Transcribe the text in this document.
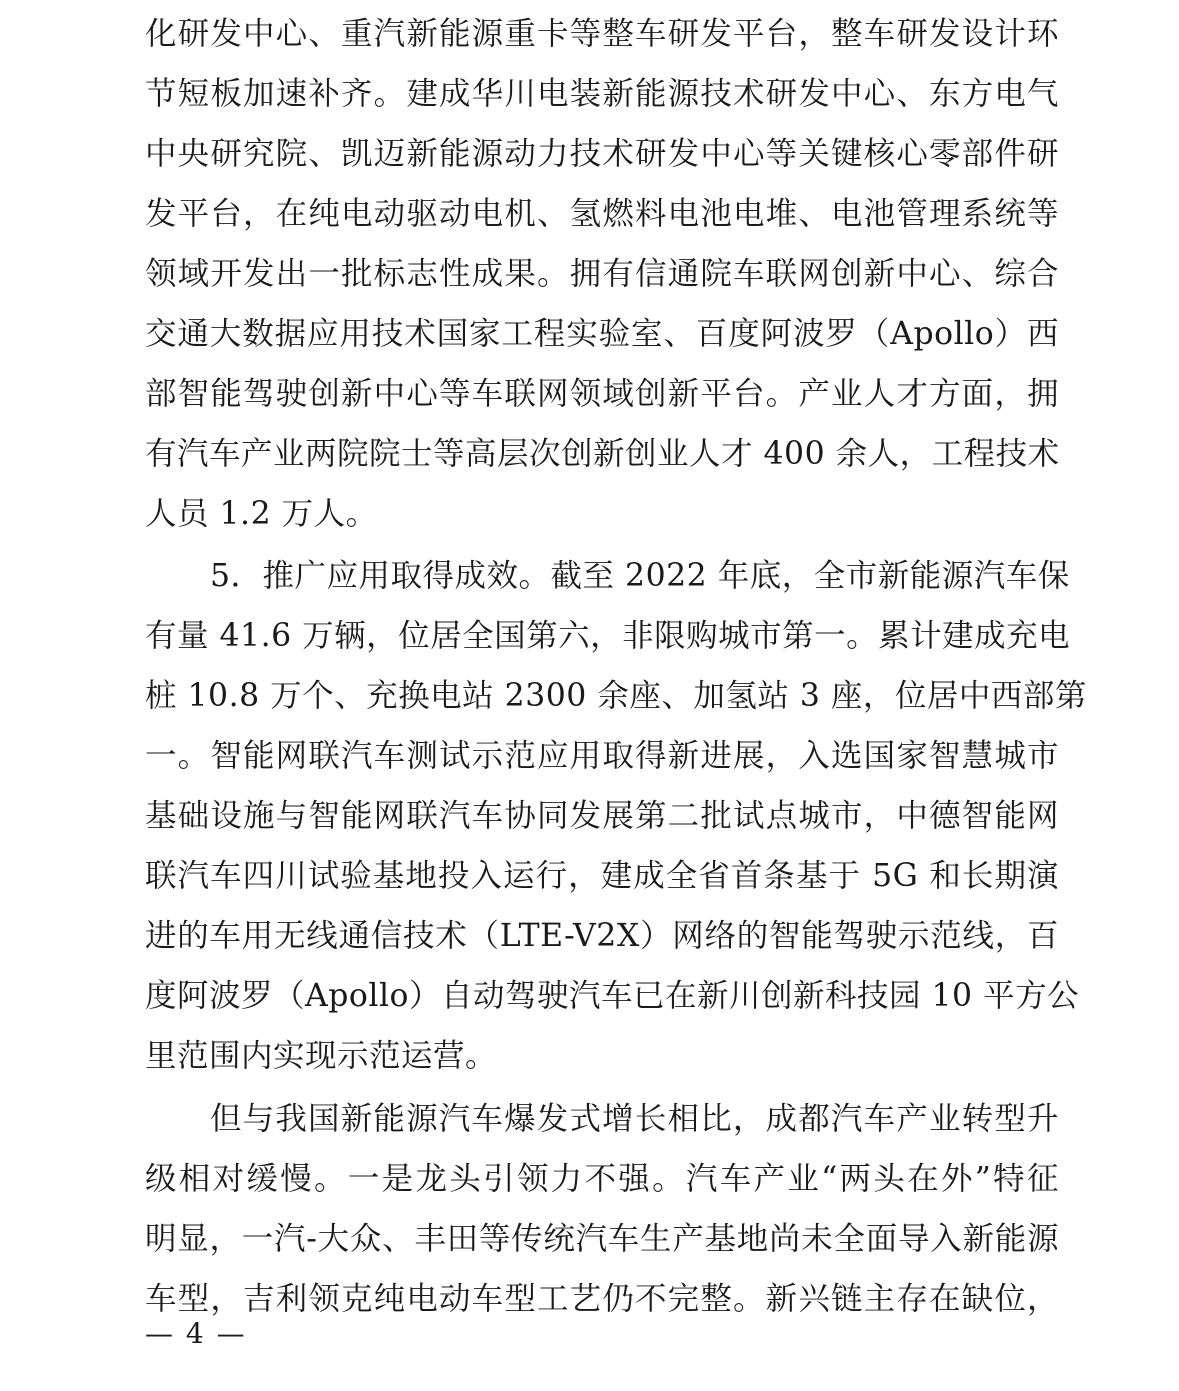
化研发中心、重汽新能源重卡等整车研发平台，整车研发设计环
节短板加速补齐。建成华川电装新能源技术研发中心、东方电气
中央研究院、凯迈新能源动力技术研发中心等关键核心零部件研
发平台，在纯电动驱动电机、氢燃料电池电堆、电池管理系统等
领域开发出一批标志性成果。拥有信通院车联网创新中心、综合
交通大数据应用技术国家工程实验室、百度阿波罗（Apollo）西
部智能驾驶创新中心等车联网领域创新平台。产业人才方面，拥
有汽车产业两院院士等高层次创新创业人才 400 余人，工程技术
人员 1.2 万人。
5．推广应用取得成效。截至 2022 年底，全市新能源汽车保
有量 41.6 万辆，位居全国第六，非限购城市第一。累计建成充电
桩 10.8 万个、充换电站 2300 余座、加氢站 3 座，位居中西部第
一。智能网联汽车测试示范应用取得新进展，入选国家智慧城市
基础设施与智能网联汽车协同发展第二批试点城市，中德智能网
联汽车四川试验基地投入运行，建成全省首条基于 5G 和长期演
进的车用无线通信技术（LTE-V2X）网络的智能驾驶示范线，百
度阿波罗（Apollo）自动驾驶汽车已在新川创新科技园 10 平方公
里范围内实现示范运营。
但与我国新能源汽车爆发式增长相比，成都汽车产业转型升
级相对缓慢。一是龙头引领力不强。汽车产业“两头在外”特征
明显，一汽-大众、丰田等传统汽车生产基地尚未全面导入新能源
车型，吉利领克纯电动车型工艺仍不完整。新兴链主存在缺位，
— 4 —
